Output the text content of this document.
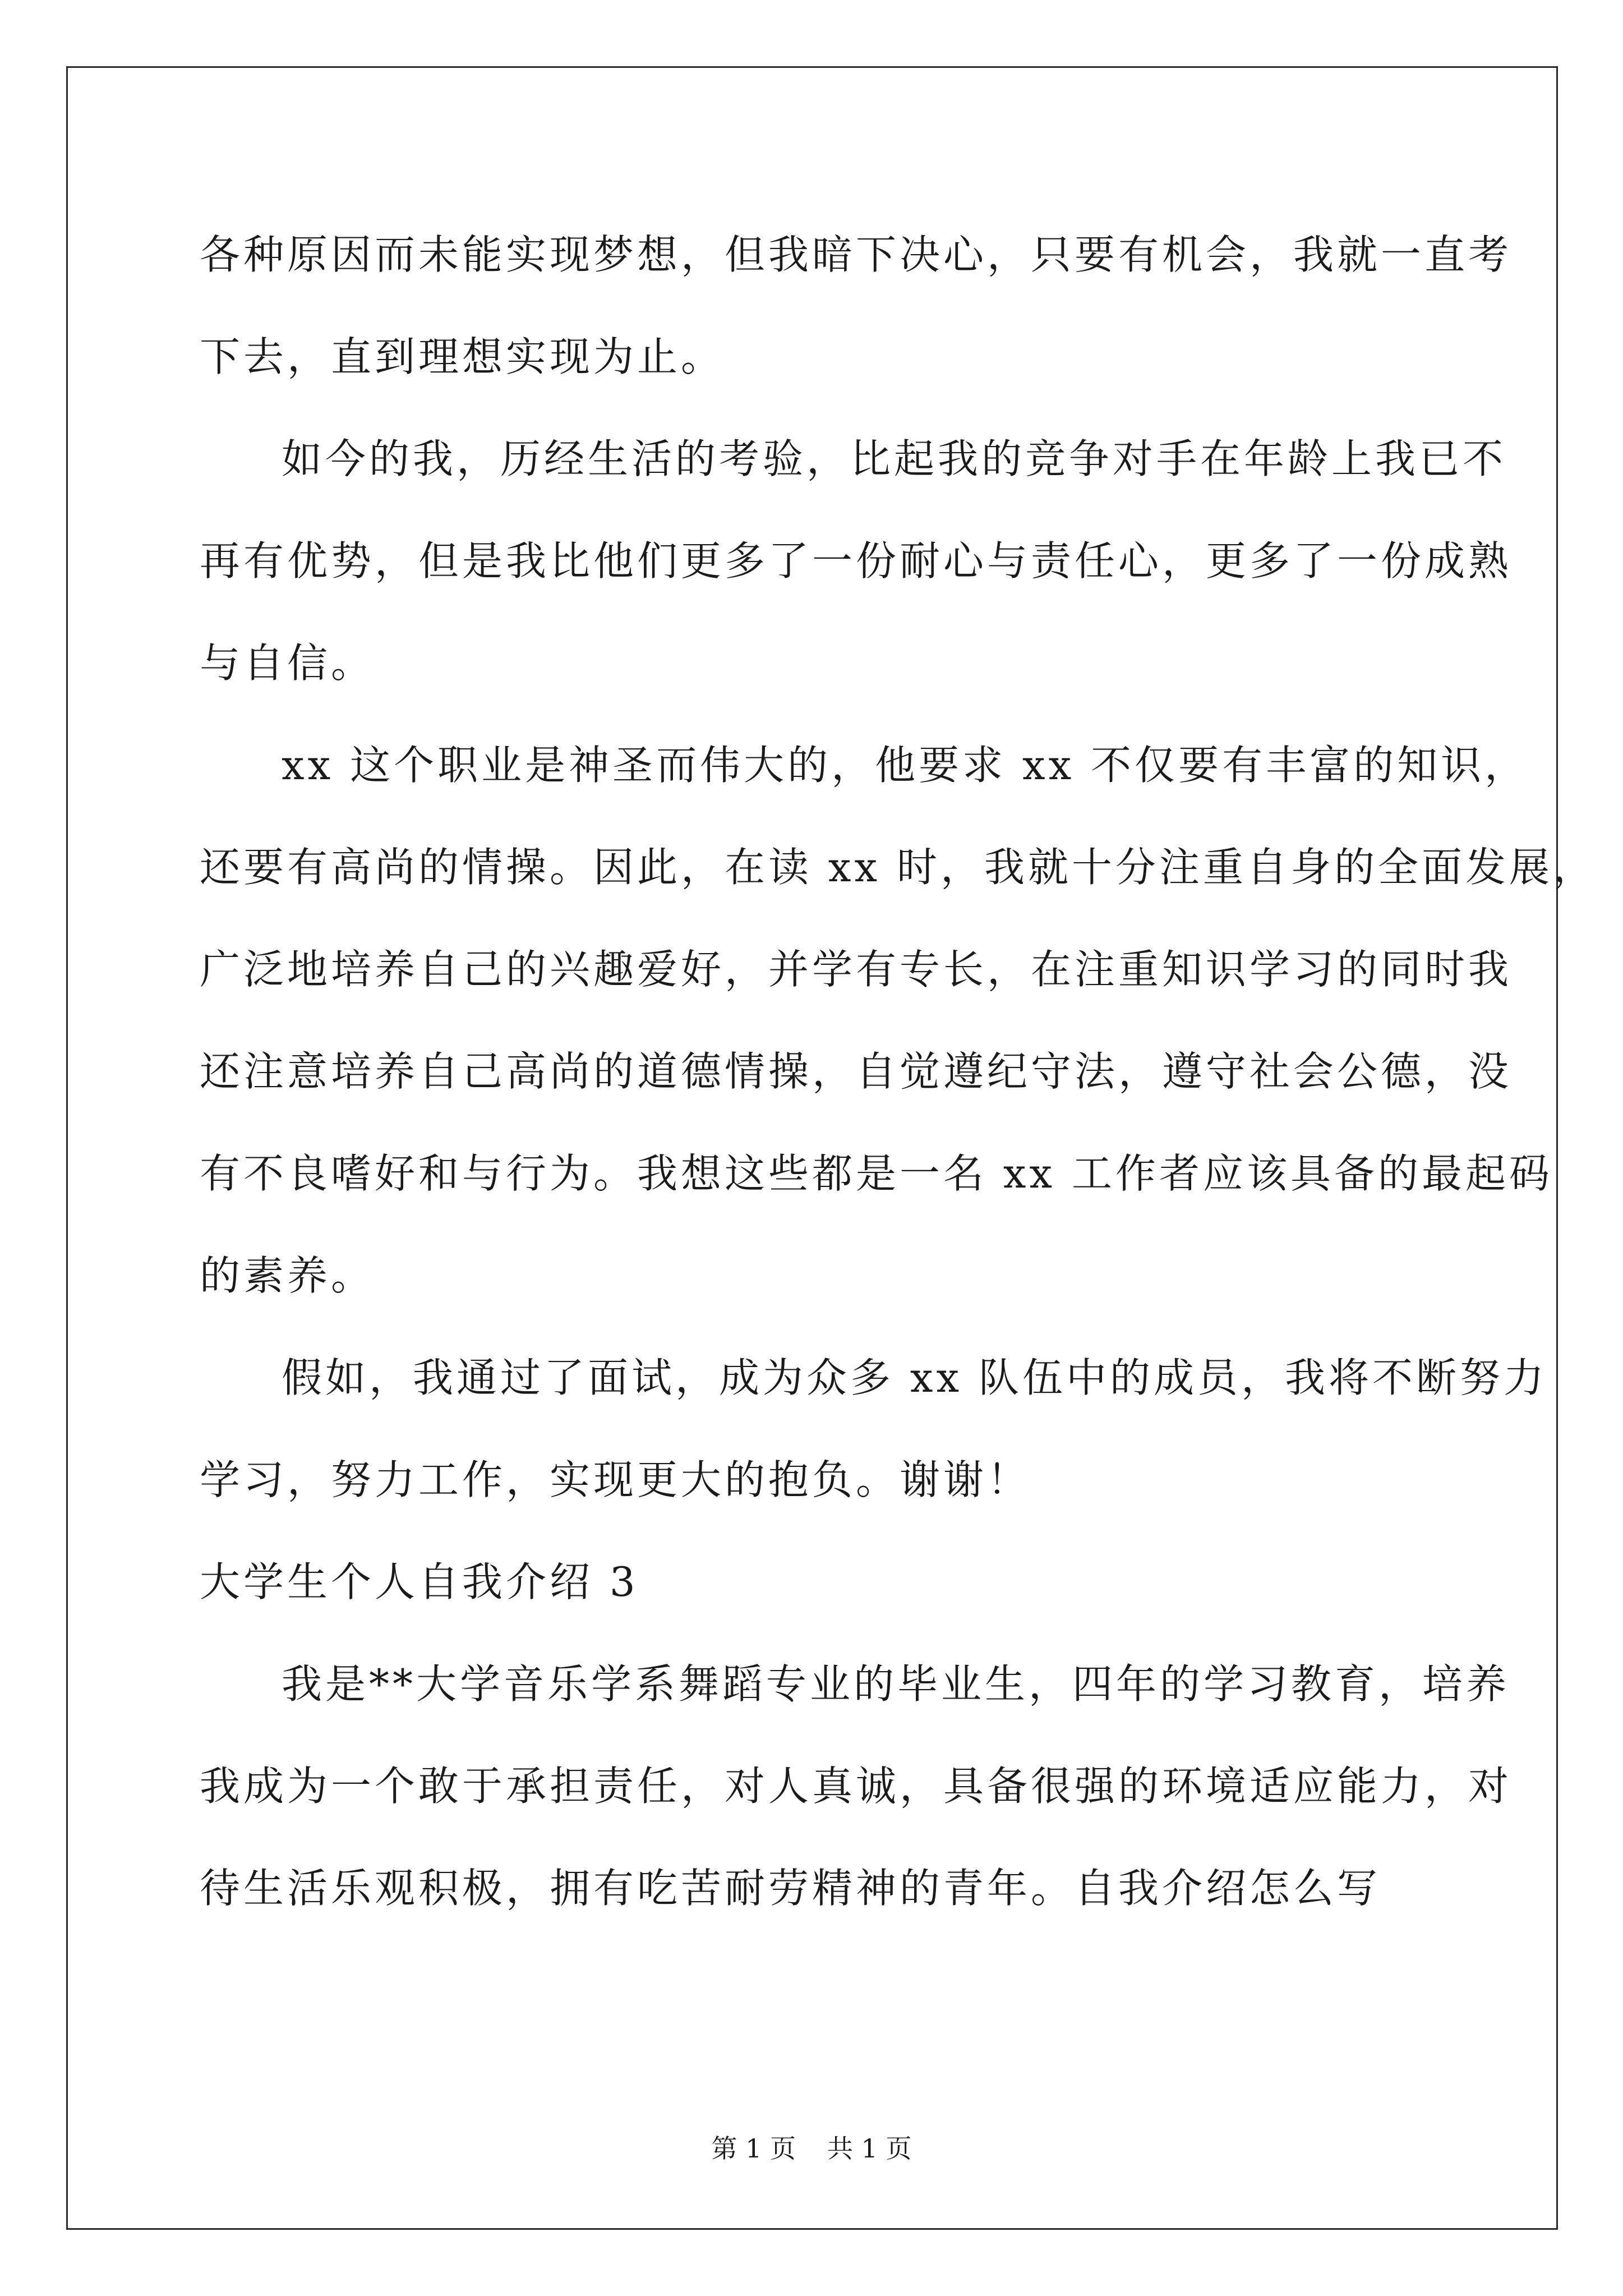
各种原因而未能实现梦想，但我暗下决心，只要有机会，我就一直考
下去，直到理想实现为止。
如今的我，历经生活的考验，比起我的竞争对手在年龄上我已不
再有优势，但是我比他们更多了一份耐心与责任心，更多了一份成熟
与自信。
xx 这个职业是神圣而伟大的，他要求 xx 不仅要有丰富的知识，
还要有高尚的情操。因此，在读 xx 时，我就十分注重自身的全面发展，
广泛地培养自己的兴趣爱好，并学有专长，在注重知识学习的同时我
还注意培养自己高尚的道德情操，自觉遵纪守法，遵守社会公德，没
有不良嗜好和与行为。我想这些都是一名 xx 工作者应该具备的最起码
的素养。
假如，我通过了面试，成为众多 xx 队伍中的成员，我将不断努力
学习，努力工作，实现更大的抱负。谢谢！
大学生个人自我介绍 3
我是**大学音乐学系舞蹈专业的毕业生，四年的学习教育，培养
我成为一个敢于承担责任，对人真诚，具备很强的环境适应能力，对
待生活乐观积极，拥有吃苦耐劳精神的青年。自我介绍怎么写
第 1 页 共 1 页
